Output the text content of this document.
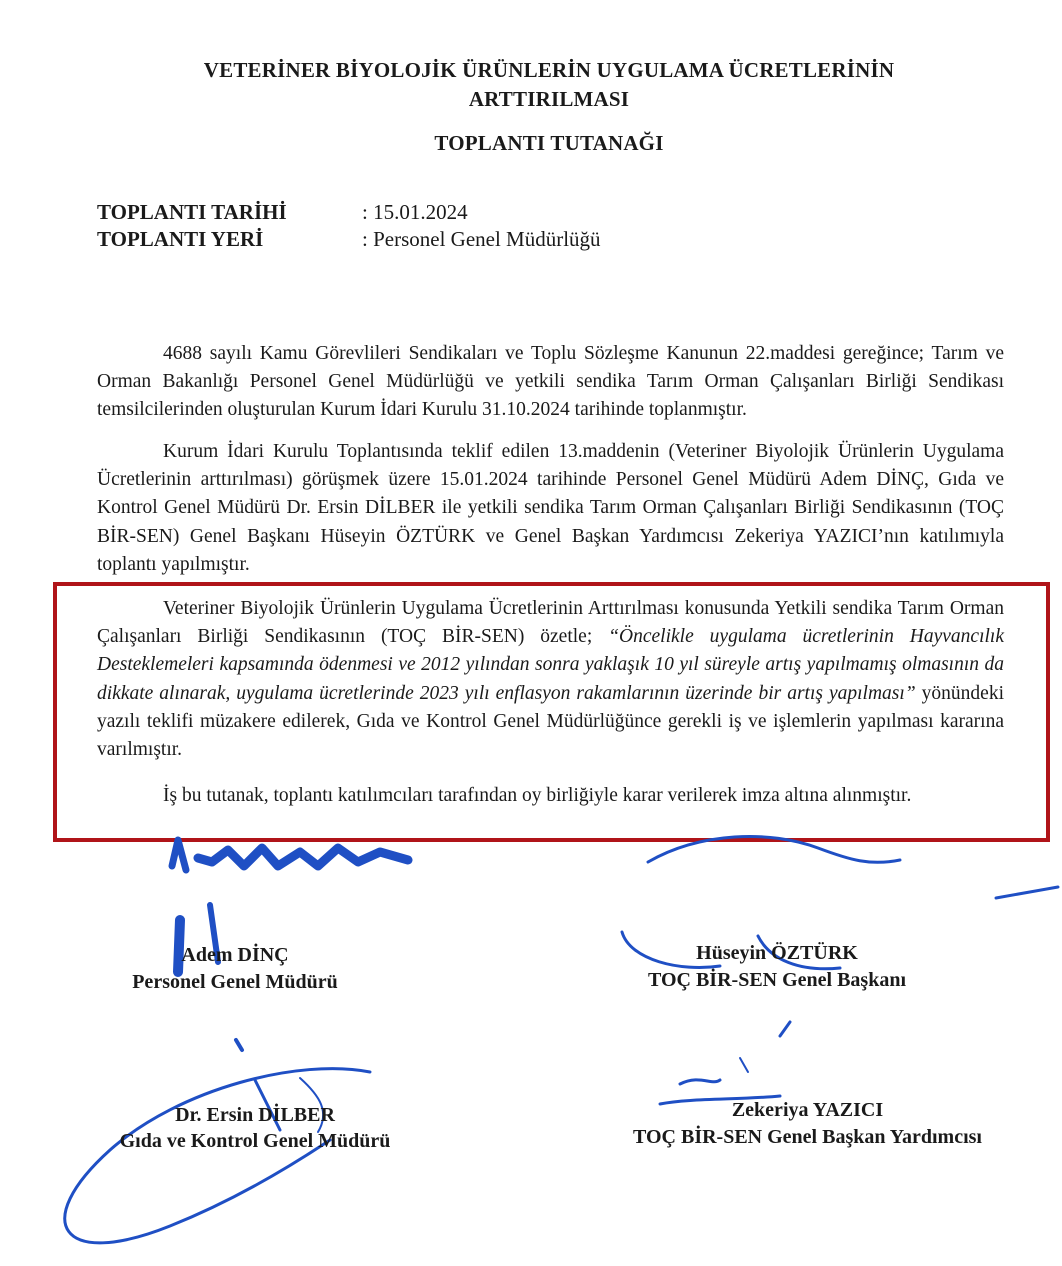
VETERİNER BİYOLOJİK ÜRÜNLERİN UYGULAMA ÜCRETLERİNİN
ARTTIRILMASI
TOPLANTI TUTANAĞI
TOPLANTI TARİHİ	: 15.01.2024
TOPLANTI YERİ	: Personel Genel Müdürlüğü
4688 sayılı Kamu Görevlileri Sendikaları ve Toplu Sözleşme Kanunun 22.maddesi gereğince; Tarım ve Orman Bakanlığı Personel Genel Müdürlüğü ve yetkili sendika Tarım Orman Çalışanları Birliği Sendikası temsilcilerinden oluşturulan Kurum İdari Kurulu 31.10.2024 tarihinde toplanmıştır.
Kurum İdari Kurulu Toplantısında teklif edilen 13.maddenin (Veteriner Biyolojik Ürünlerin Uygulama Ücretlerinin arttırılması) görüşmek üzere 15.01.2024 tarihinde Personel Genel Müdürü Adem DİNÇ, Gıda ve Kontrol Genel Müdürü Dr. Ersin DİLBER ile yetkili sendika Tarım Orman Çalışanları Birliği Sendikasının (TOÇ BİR-SEN) Genel Başkanı Hüseyin ÖZTÜRK ve Genel Başkan Yardımcısı Zekeriya YAZICI’nın katılımıyla toplantı yapılmıştır.
Veteriner Biyolojik Ürünlerin Uygulama Ücretlerinin Arttırılması konusunda Yetkili sendika Tarım Orman Çalışanları Birliği Sendikasının (TOÇ BİR-SEN) özetle; “Öncelikle uygulama ücretlerinin Hayvancılık Desteklemeleri kapsamında ödenmesi ve 2012 yılından sonra yaklaşık 10 yıl süreyle artış yapılmamış olmasının da dikkate alınarak, uygulama ücretlerinde 2023 yılı enflasyon rakamlarının üzerinde bir artış yapılması” yönündeki yazılı teklifi müzakere edilerek, Gıda ve Kontrol Genel Müdürlüğünce gerekli iş ve işlemlerin yapılması kararına varılmıştır.
İş bu tutanak, toplantı katılımcıları tarafından oy birliğiyle karar verilerek imza altına alınmıştır.
Adem DİNÇ
Personel Genel Müdürü
Hüseyin ÖZTÜRK
TOÇ BİR-SEN Genel Başkanı
Dr. Ersin DİLBER
Gıda ve Kontrol Genel Müdürü
Zekeriya YAZICI
TOÇ BİR-SEN Genel Başkan Yardımcısı
